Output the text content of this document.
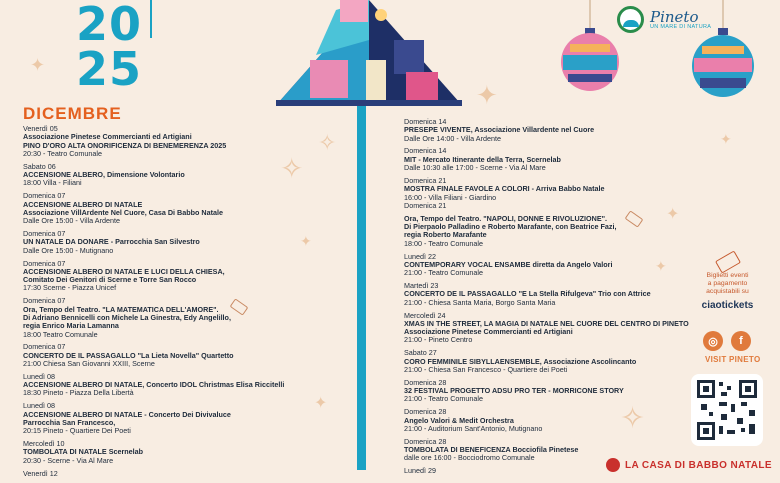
✦
✧
✧
✦
✦
✦	✧
✦
✦
✦
20
25
Pineto
UN MARE DI NATURA
DICEMBRE
Venerdì 05
Associazione Pinetese Commercianti ed Artigiani
PINO D'ORO ALTA ONORIFICENZA DI BENEMERENZA 2025
20:30 - Teatro Comunale
Sabato 06
ACCENSIONE ALBERO, Dimensione Volontario
18:00 Villa - Filiani
Domenica 07
ACCENSIONE ALBERO DI NATALE
Associazione VillArdente Nel Cuore, Casa Di Babbo Natale
Dalle Ore 15:00 - Villa Ardente
Domenica 07
UN NATALE DA DONARE - Parrocchia San Silvestro
Dalle Ore 15:00 - Mutignano
Domenica 07
ACCENSIONE ALBERO DI NATALE E LUCI DELLA CHIESA,
Comitato Dei Genitori di Scerne e Torre San Rocco
17:30 Scerne - Piazza Unicef
Domenica 07
Ora, Tempo del Teatro. "LA MATEMATICA DELL'AMORE".
Di Adriano Bennicelli con Michele La Ginestra, Edy Angelillo,
regia Enrico Maria Lamanna
18:00 Teatro Comunale
Domenica 07
CONCERTO DE IL PASSAGALLO "La Lieta Novella" Quartetto
21:00 Chiesa San Giovanni XXIII, Scerne
Lunedì 08
ACCENSIONE ALBERO DI NATALE, Concerto IDOL Christmas Elisa Riccitelli
18:30 Pineto - Piazza Della Libertà
Lunedì 08
ACCENSIONE ALBERO DI NATALE - Concerto Dei Divivaluce
Parrocchia San Francesco,
20:15 Pineto - Quartiere Dei Poeti
Mercoledì 10
TOMBOLATA DI NATALE Scernelab
20:30 - Scerne - Via Al Mare
Venerdì 12
Domenica 14
PRESEPE VIVENTE, Associazione Villardente nel Cuore
Dalle Ore 14:00 - Villa Ardente
Domenica 14
MIT - Mercato Itinerante della Terra, Scernelab
Dalle 10:30 alle 17:00 - Scerne - Via Al Mare
Domenica 21
MOSTRA FINALE FAVOLE A COLORI - Arriva Babbo Natale
16:00 - Villa Filiani - Giardino
Domenica 21
Ora, Tempo del Teatro. "NAPOLI, DONNE E RIVOLUZIONE".
Di Pierpaolo Palladino e Roberto Marafante, con Beatrice Fazi,
regia Roberto Marafante
18:00 - Teatro Comunale
Lunedì 22
CONTEMPORARY VOCAL ENSAMBE diretta da Angelo Valori
21:00 - Teatro Comunale
Martedì 23
CONCERTO DE IL PASSAGALLO "E La Stella Rifulgeva" Trio con Attrice
21:00 - Chiesa Santa Maria, Borgo Santa Maria
Mercoledì 24
XMAS IN THE STREET, LA MAGIA DI NATALE NEL CUORE DEL CENTRO DI PINETO
Associazione Pinetese Commercianti ed Artigiani
21:00 - Pineto Centro
Sabato 27
CORO FEMMINILE SIBYLLAENSEMBLE, Associazione Ascolincanto
21:00 - Chiesa San Francesco - Quartiere dei Poeti
Domenica 28
32 FESTIVAL PROGETTO ADSU PRO TER - MORRICONE STORY
21:00 - Teatro Comunale
Domenica 28
Angelo Valori & Medit Orchestra
21:00 - Auditorium Sant'Antonio, Mutignano
Domenica 28
TOMBOLATA DI BENEFICENZA Bocciofila Pinetese
dalle ore 16:00 - Bocciodromo Comunale
Lunedì 29
Biglietti eventi
a pagamento
acquistabili su
ciaotickets
◎	f
VISIT PINETO
LA CASA DI BABBO NATALE
